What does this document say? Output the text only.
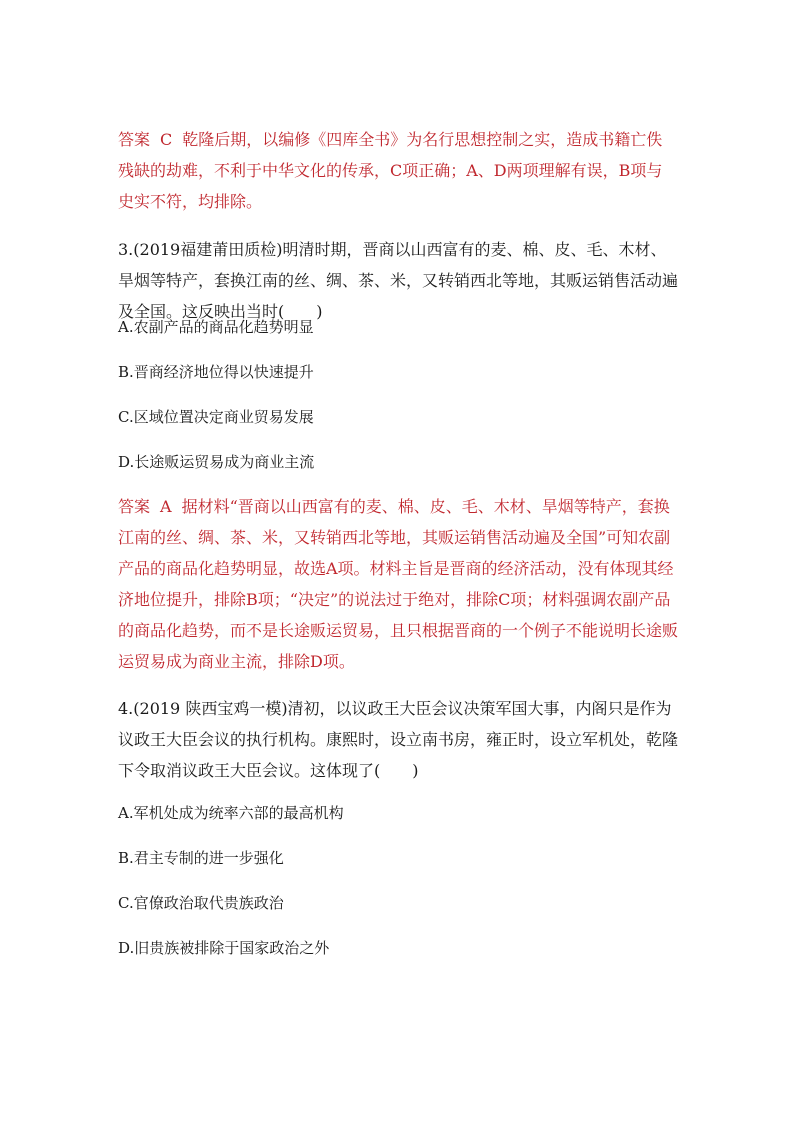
答案 C 乾隆后期，以编修《四库全书》为名行思想控制之实，造成书籍亡佚残缺的劫难，不利于中华文化的传承，C项正确；A、D两项理解有误，B项与史实不符，均排除。

3.(2019福建莆田质检)明清时期，晋商以山西富有的麦、棉、皮、毛、木材、旱烟等特产，套换江南的丝、绸、茶、米，又转销西北等地，其贩运销售活动遍及全国。这反映出当时(　　)

A.农副产品的商品化趋势明显

B.晋商经济地位得以快速提升

C.区域位置决定商业贸易发展

D.长途贩运贸易成为商业主流

答案 A 据材料“晋商以山西富有的麦、棉、皮、毛、木材、旱烟等特产，套换江南的丝、绸、茶、米，又转销西北等地，其贩运销售活动遍及全国”可知农副产品的商品化趋势明显，故选A项。材料主旨是晋商的经济活动，没有体现其经济地位提升，排除B项；“决定”的说法过于绝对，排除C项；材料强调农副产品的商品化趋势，而不是长途贩运贸易，且只根据晋商的一个例子不能说明长途贩运贸易成为商业主流，排除D项。

4.(2019 陕西宝鸡一模)清初，以议政王大臣会议决策军国大事，内阁只是作为议政王大臣会议的执行机构。康熙时，设立南书房，雍正时，设立军机处，乾隆下令取消议政王大臣会议。这体现了(　　)

A.军机处成为统率六部的最高机构

B.君主专制的进一步强化

C.官僚政治取代贵族政治

D.旧贵族被排除于国家政治之外
